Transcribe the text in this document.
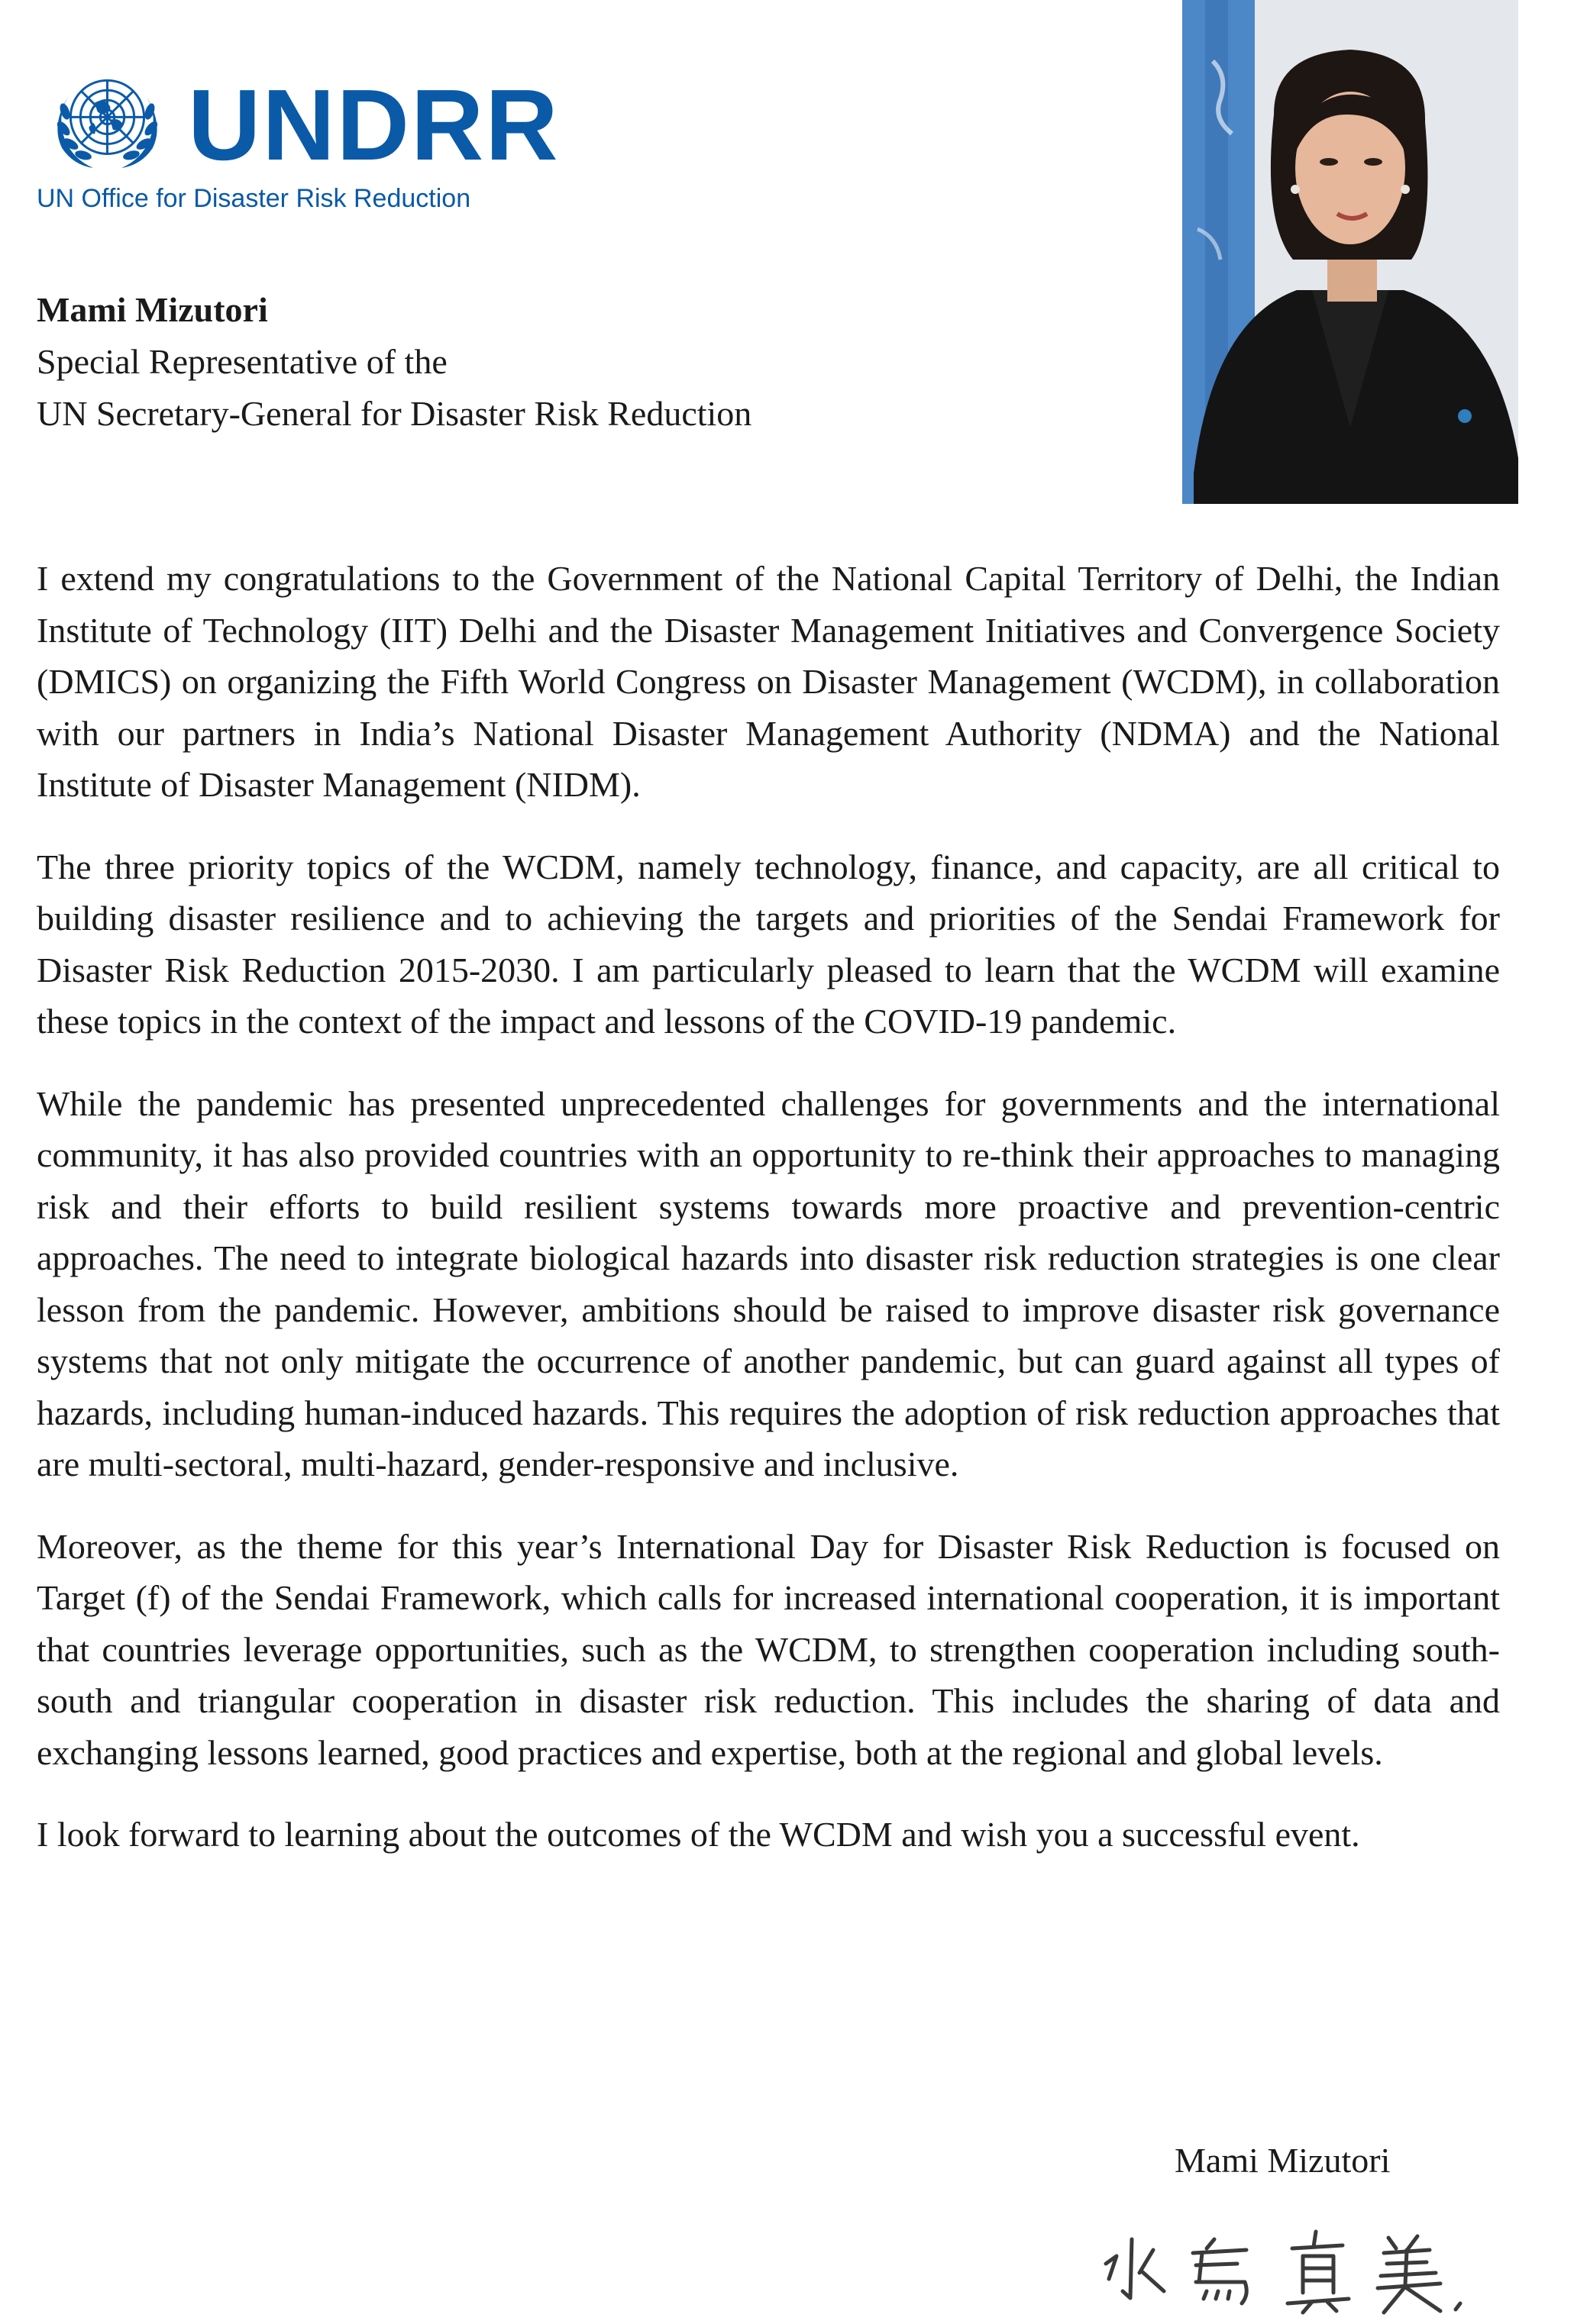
UNDRR
UN Office for Disaster Risk Reduction
Mami Mizutori
Special Representative of the
UN Secretary-General for Disaster Risk Reduction

I extend my congratulations to the Government of the National Capital Territory of Delhi, the Indian Institute of Technology (IIT) Delhi and the Disaster Management Initiatives and Convergence Society (DMICS) on organizing the Fifth World Congress on Disaster Management (WCDM), in collaboration with our partners in India’s National Disaster Management Authority (NDMA) and the National Institute of Disaster Management (NIDM).

The three priority topics of the WCDM, namely technology, finance, and capacity, are all critical to building disaster resilience and to achieving the targets and priorities of the Sendai Framework for Disaster Risk Reduction 2015-2030. I am particularly pleased to learn that the WCDM will examine these topics in the context of the impact and lessons of the COVID-19 pandemic.

While the pandemic has presented unprecedented challenges for governments and the international community, it has also provided countries with an opportunity to re-think their approaches to managing risk and their efforts to build resilient systems towards more proactive and prevention-centric approaches. The need to integrate biological hazards into disaster risk reduction strategies is one clear lesson from the pandemic. However, ambitions should be raised to improve disaster risk governance systems that not only mitigate the occurrence of another pandemic, but can guard against all types of hazards, including human-induced hazards. This requires the adoption of risk reduction approaches that are multi-sectoral, multi-hazard, gender-responsive and inclusive.

Moreover, as the theme for this year’s International Day for Disaster Risk Reduction is focused on Target (f) of the Sendai Framework, which calls for increased international cooperation, it is important that countries leverage opportunities, such as the WCDM, to strengthen cooperation including south-south and triangular cooperation in disaster risk reduction. This includes the sharing of data and exchanging lessons learned, good practices and expertise, both at the regional and global levels.

I look forward to learning about the outcomes of the WCDM and wish you a successful event.

Mami Mizutori
